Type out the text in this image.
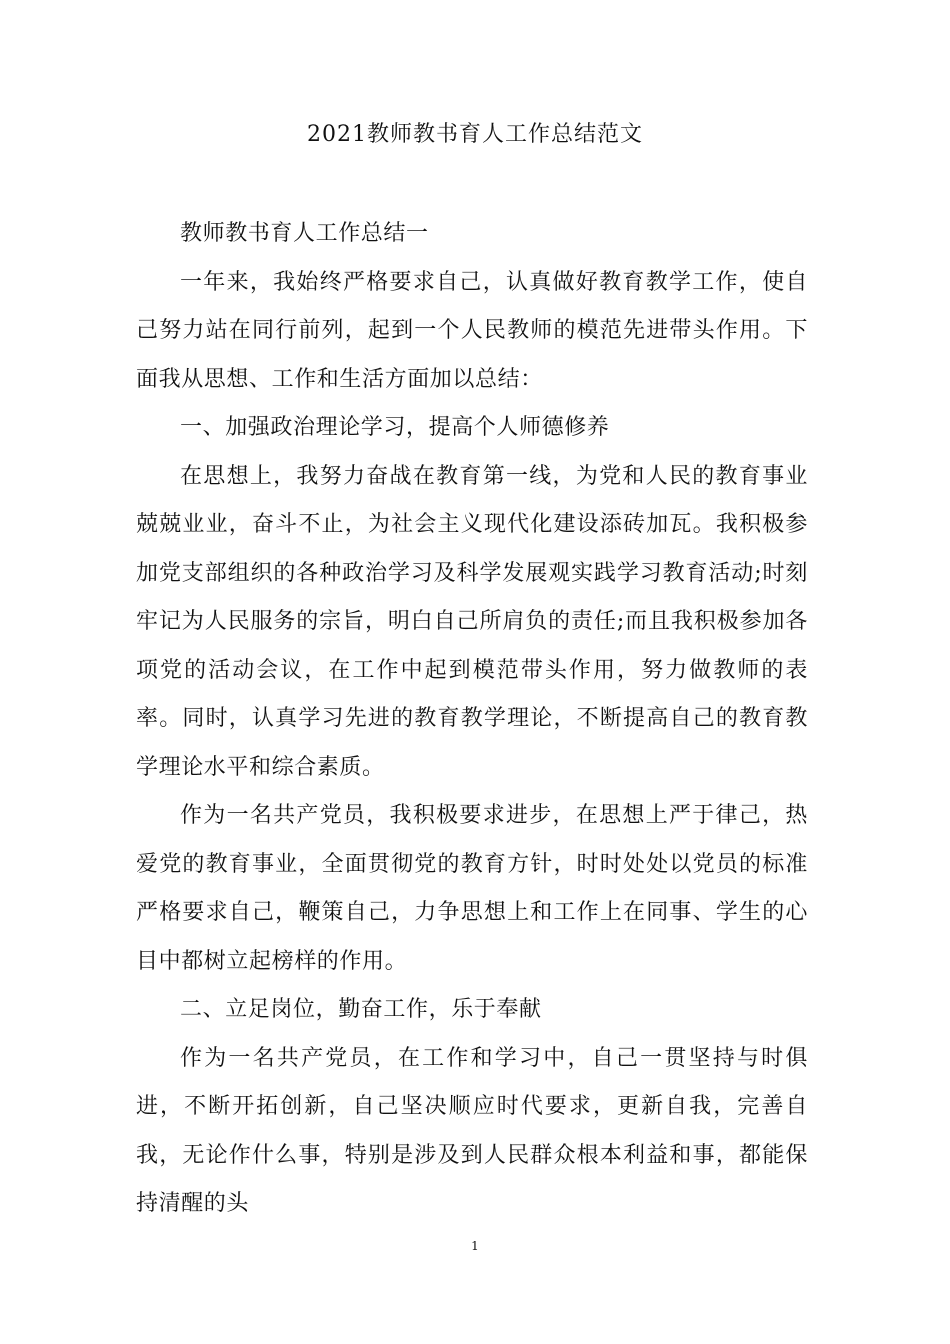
2021教师教书育人工作总结范文

教师教书育人工作总结一

一年来，我始终严格要求自己，认真做好教育教学工作，使自己努力站在同行前列，起到一个人民教师的模范先进带头作用。下面我从思想、工作和生活方面加以总结：

一、加强政治理论学习，提高个人师德修养

在思想上，我努力奋战在教育第一线，为党和人民的教育事业兢兢业业，奋斗不止，为社会主义现代化建设添砖加瓦。我积极参加党支部组织的各种政治学习及科学发展观实践学习教育活动;时刻牢记为人民服务的宗旨，明白自己所肩负的责任;而且我积极参加各项党的活动会议，在工作中起到模范带头作用，努力做教师的表率。同时，认真学习先进的教育教学理论，不断提高自己的教育教学理论水平和综合素质。

作为一名共产党员，我积极要求进步，在思想上严于律己，热爱党的教育事业，全面贯彻党的教育方针，时时处处以党员的标准严格要求自己，鞭策自己，力争思想上和工作上在同事、学生的心目中都树立起榜样的作用。

二、立足岗位，勤奋工作，乐于奉献

作为一名共产党员，在工作和学习中，自己一贯坚持与时俱进，不断开拓创新，自己坚决顺应时代要求，更新自我，完善自我，无论作什么事，特别是涉及到人民群众根本利益和事，都能保持清醒的头

1
